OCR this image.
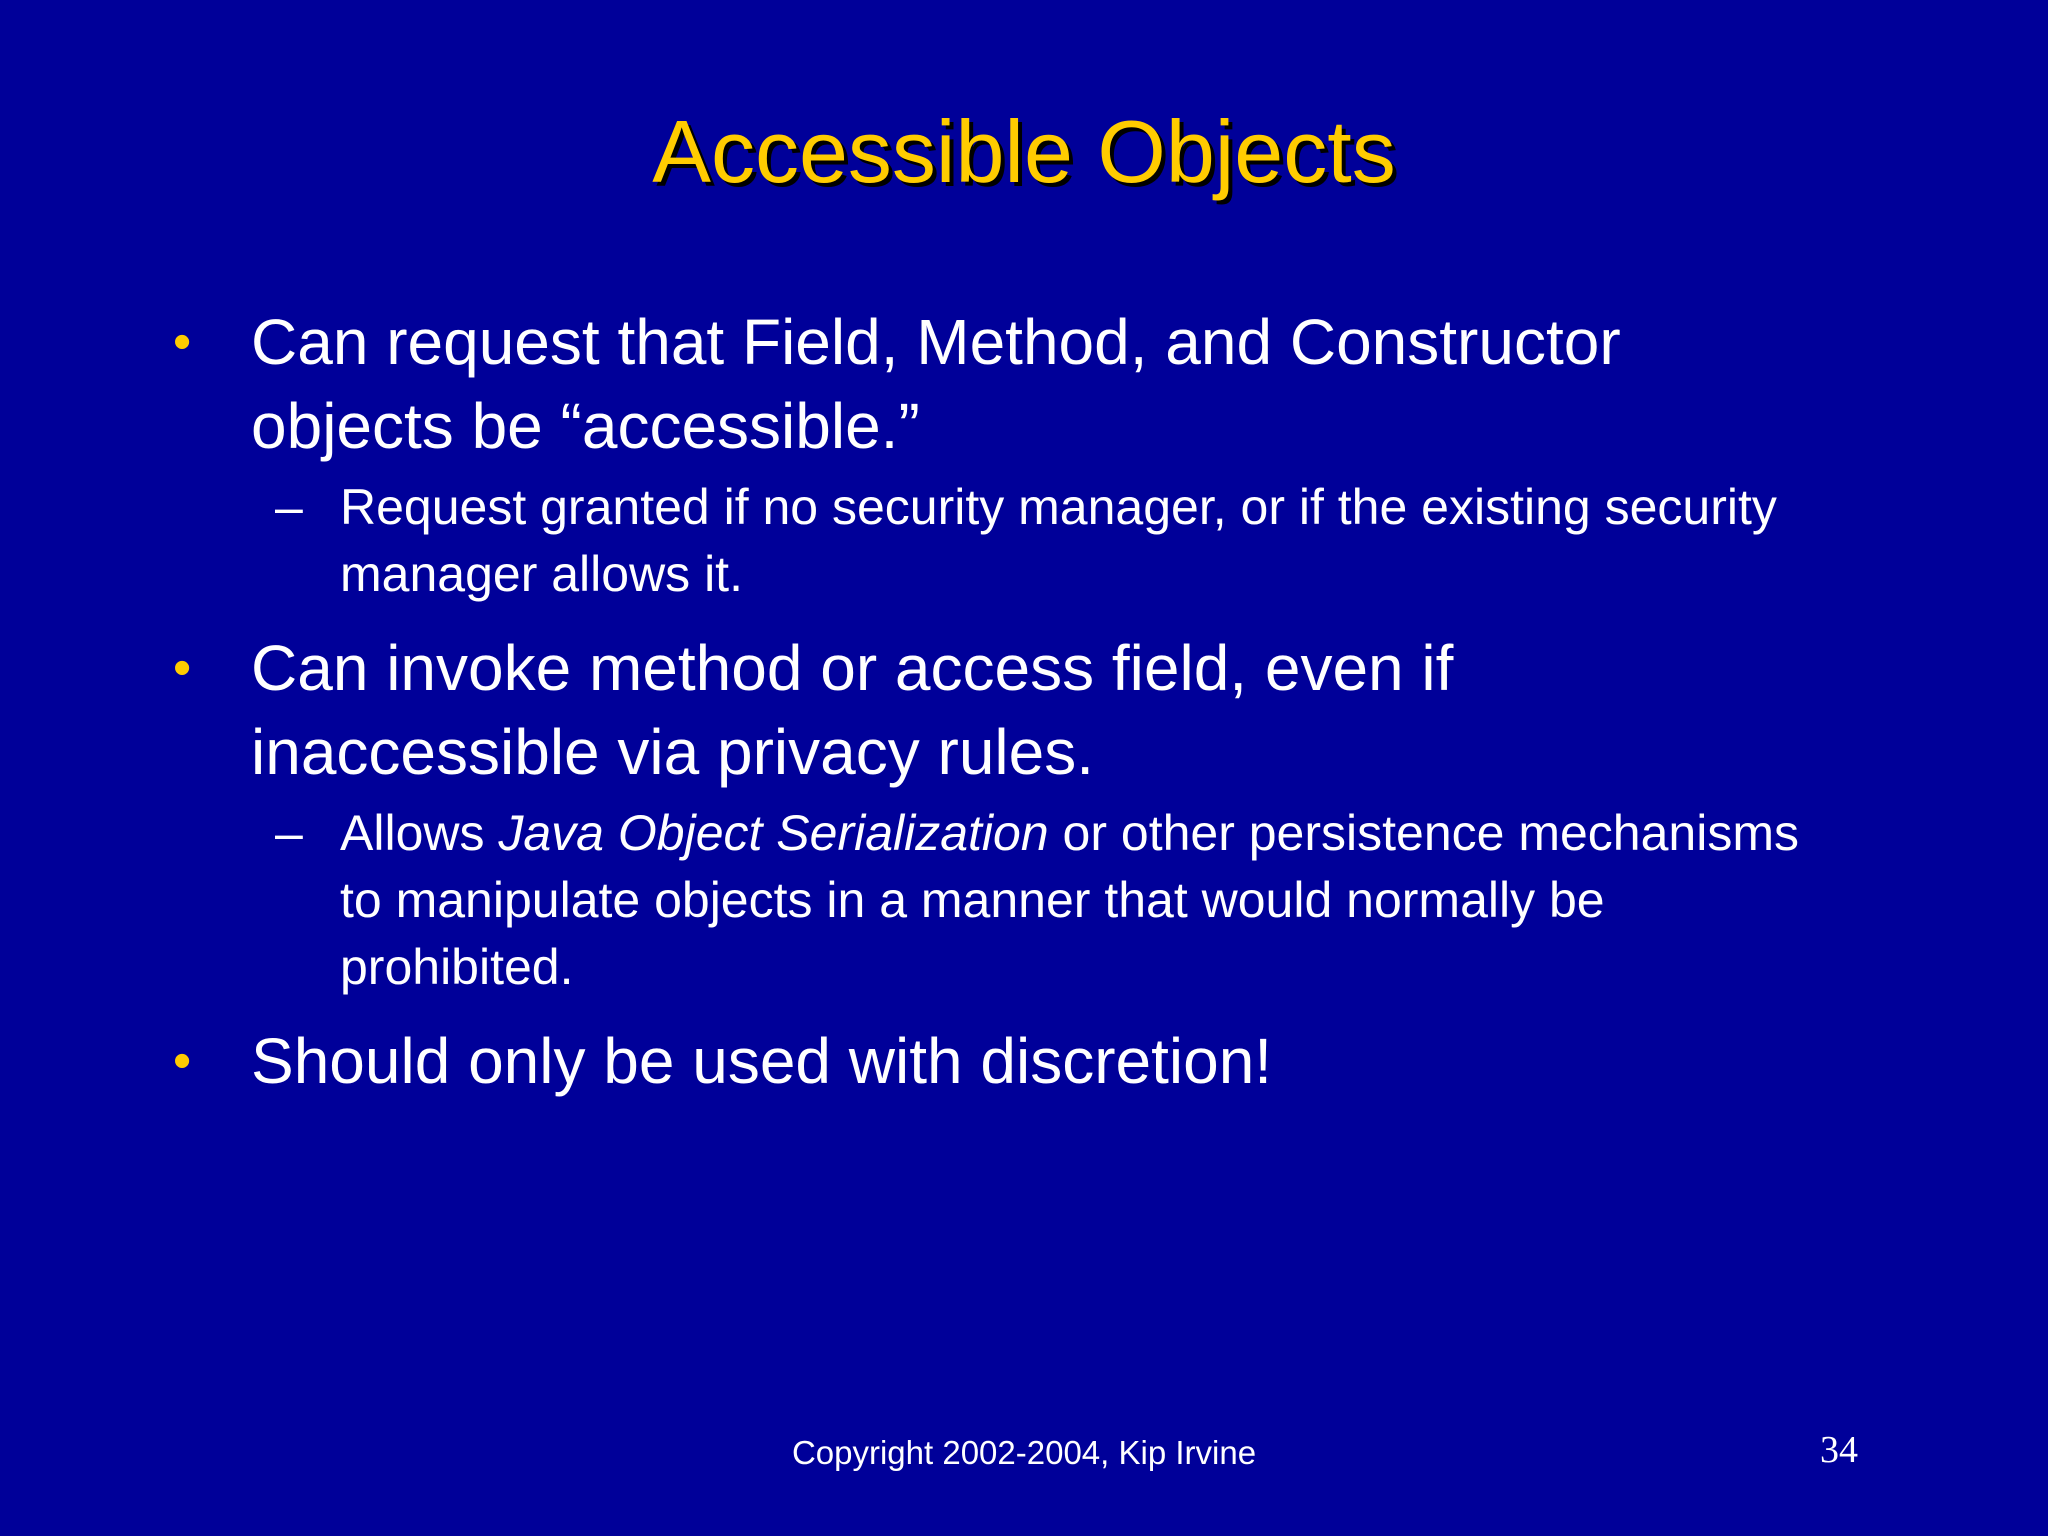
Accessible Objects
• Can request that Field, Method, and Constructor objects be “accessible.”
– Request granted if no security manager, or if the existing security manager allows it.
• Can invoke method or access field, even if inaccessible via privacy rules.
– Allows Java Object Serialization or other persistence mechanisms to manipulate objects in a manner that would normally be prohibited.
• Should only be used with discretion!
Copyright 2002-2004, Kip Irvine	34
